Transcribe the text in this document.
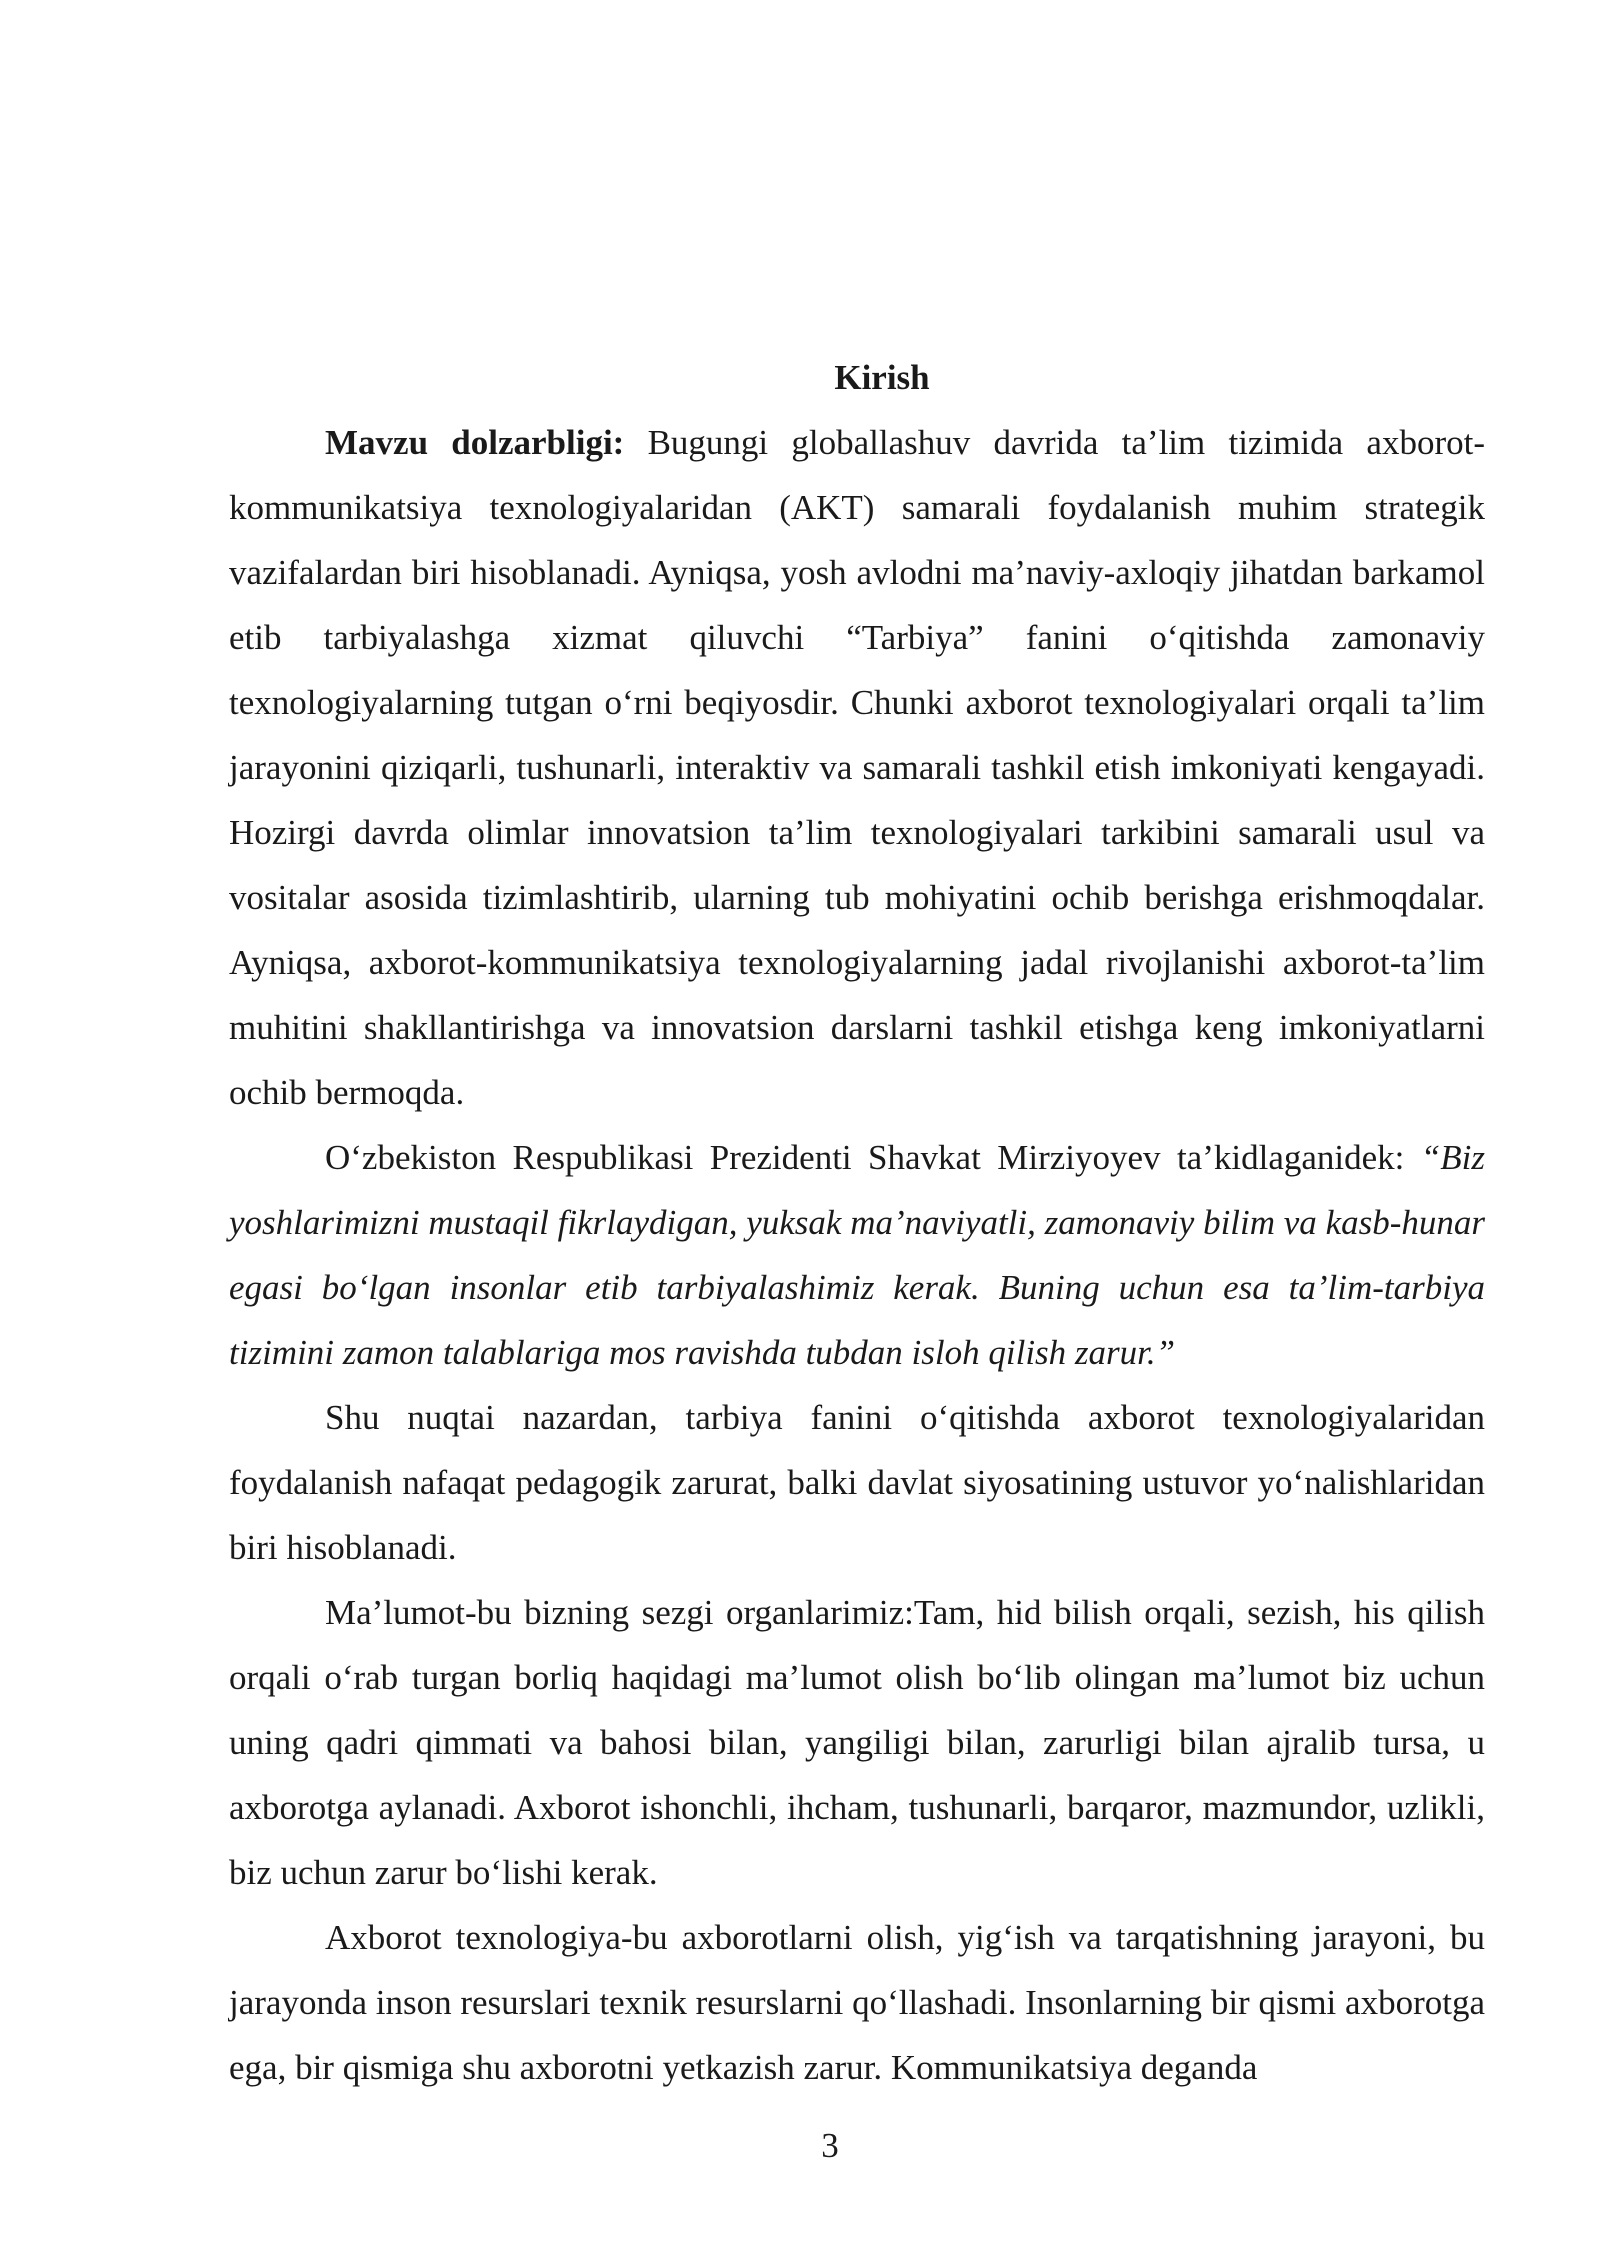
Kirish

Mavzu dolzarbligi: Bugungi globallashuv davrida ta’lim tizimida axborot-kommunikatsiya texnologiyalaridan (AKT) samarali foydalanish muhim strategik vazifalardan biri hisoblanadi. Ayniqsa, yosh avlodni ma’naviy-axloqiy jihatdan barkamol etib tarbiyalashga xizmat qiluvchi “Tarbiya” fanini o‘qitishda zamonaviy texnologiyalarning tutgan o‘rni beqiyosdir. Chunki axborot texnologiyalari orqali ta’lim jarayonini qiziqarli, tushunarli, interaktiv va samarali tashkil etish imkoniyati kengayadi. Hozirgi davrda olimlar innovatsion ta’lim texnologiyalari tarkibini samarali usul va vositalar asosida tizimlashtirib, ularning tub mohiyatini ochib berishga erishmoqdalar. Ayniqsa, axborot-kommunikatsiya texnologiyalarning jadal rivojlanishi axborot-ta’lim muhitini shakllantirishga va innovatsion darslarni tashkil etishga keng imkoniyatlarni ochib bermoqda.

O‘zbekiston Respublikasi Prezidenti Shavkat Mirziyoyev ta’kidlaganidek: “Biz yoshlarimizni mustaqil fikrlaydigan, yuksak ma’naviyatli, zamonaviy bilim va kasb-hunar egasi bo‘lgan insonlar etib tarbiyalashimiz kerak. Buning uchun esa ta’lim-tarbiya tizimini zamon talablariga mos ravishda tubdan isloh qilish zarur.”

Shu nuqtai nazardan, tarbiya fanini o‘qitishda axborot texnologiyalaridan foydalanish nafaqat pedagogik zarurat, balki davlat siyosatining ustuvor yo‘nalishlaridan biri hisoblanadi.

Ma’lumot-bu bizning sezgi organlarimiz:Tam, hid bilish orqali, sezish, his qilish orqali o‘rab turgan borliq haqidagi ma’lumot olish bo‘lib olingan ma’lumot biz uchun uning qadri qimmati va bahosi bilan, yangiligi bilan, zarurligi bilan ajralib tursa, u axborotga aylanadi. Axborot ishonchli, ihcham, tushunarli, barqaror, mazmundor, uzlikli, biz uchun zarur bo‘lishi kerak.

Axborot texnologiya-bu axborotlarni olish, yig‘ish va tarqatishning jarayoni, bu jarayonda inson resurslari texnik resurslarni qo‘llashadi. Insonlarning bir qismi axborotga ega, bir qismiga shu axborotni yetkazish zarur. Kommunikatsiya deganda

3
